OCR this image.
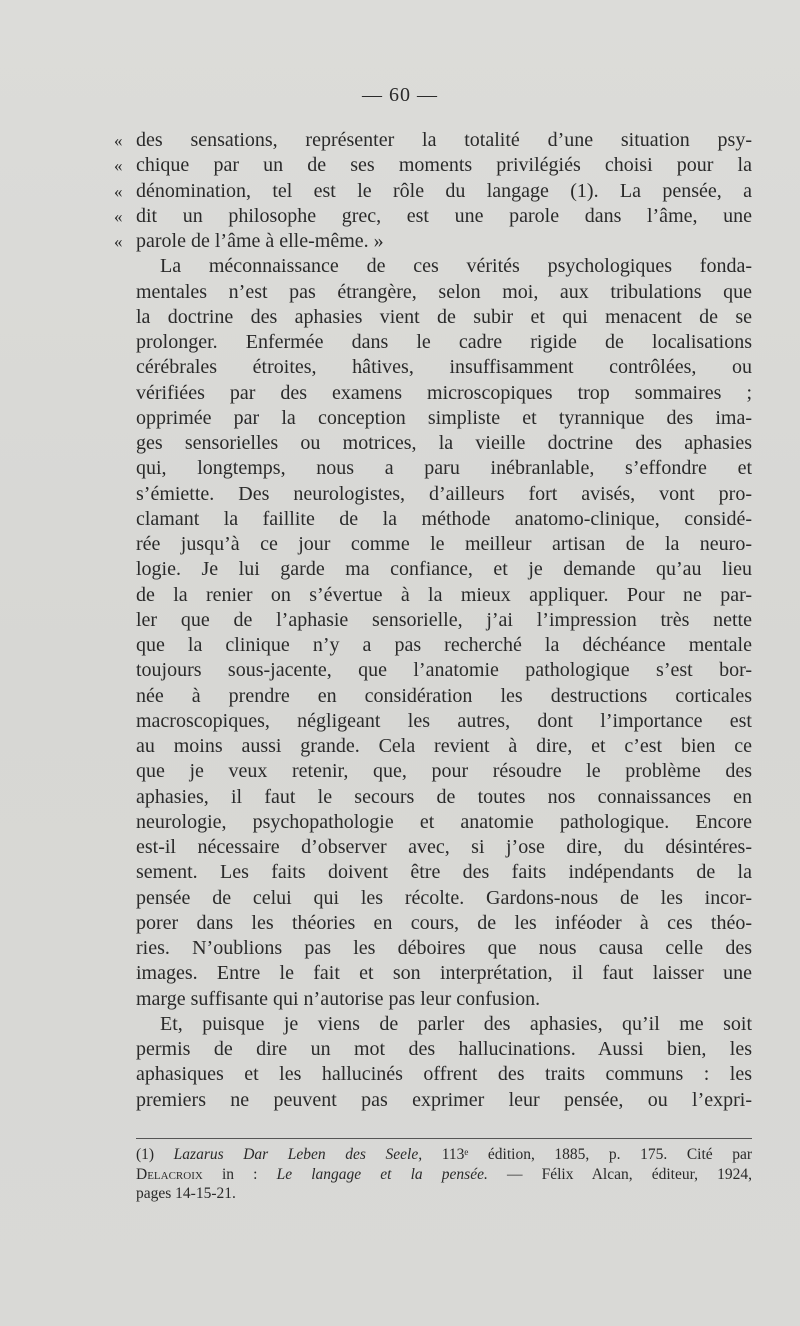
— 60 —
« des sensations, représenter la totalité d’une situation psy-
« chique par un de ses moments privilégiés choisi pour la
« dénomination, tel est le rôle du langage (1). La pensée, a
« dit un philosophe grec, est une parole dans l’âme, une
« parole de l’âme à elle-même. »
La méconnaissance de ces vérités psychologiques fonda-
mentales n’est pas étrangère, selon moi, aux tribulations que
la doctrine des aphasies vient de subir et qui menacent de se
prolonger. Enfermée dans le cadre rigide de localisations
cérébrales étroites, hâtives, insuffisamment contrôlées, ou
vérifiées par des examens microscopiques trop sommaires ;
opprimée par la conception simpliste et tyrannique des ima-
ges sensorielles ou motrices, la vieille doctrine des aphasies
qui, longtemps, nous a paru inébranlable, s’effondre et
s’émiette. Des neurologistes, d’ailleurs fort avisés, vont pro-
clamant la faillite de la méthode anatomo-clinique, considé-
rée jusqu’à ce jour comme le meilleur artisan de la neuro-
logie. Je lui garde ma confiance, et je demande qu’au lieu
de la renier on s’évertue à la mieux appliquer. Pour ne par-
ler que de l’aphasie sensorielle, j’ai l’impression très nette
que la clinique n’y a pas recherché la déchéance mentale
toujours sous-jacente, que l’anatomie pathologique s’est bor-
née à prendre en considération les destructions corticales
macroscopiques, négligeant les autres, dont l’importance est
au moins aussi grande. Cela revient à dire, et c’est bien ce
que je veux retenir, que, pour résoudre le problème des
aphasies, il faut le secours de toutes nos connaissances en
neurologie, psychopathologie et anatomie pathologique. Encore
est-il nécessaire d’observer avec, si j’ose dire, du désintéres-
sement. Les faits doivent être des faits indépendants de la
pensée de celui qui les récolte. Gardons-nous de les incor-
porer dans les théories en cours, de les inféoder à ces théo-
ries. N’oublions pas les déboires que nous causa celle des
images. Entre le fait et son interprétation, il faut laisser une
marge suffisante qui n’autorise pas leur confusion.
Et, puisque je viens de parler des aphasies, qu’il me soit
permis de dire un mot des hallucinations. Aussi bien, les
aphasiques et les hallucinés offrent des traits communs : les
premiers ne peuvent pas exprimer leur pensée, ou l’expri-
(1) Lazarus Dar Leben des Seele, 113ᵉ édition, 1885, p. 175. Cité par
Delacroix in : Le langage et la pensée. — Félix Alcan, éditeur, 1924,
pages 14-15-21.
